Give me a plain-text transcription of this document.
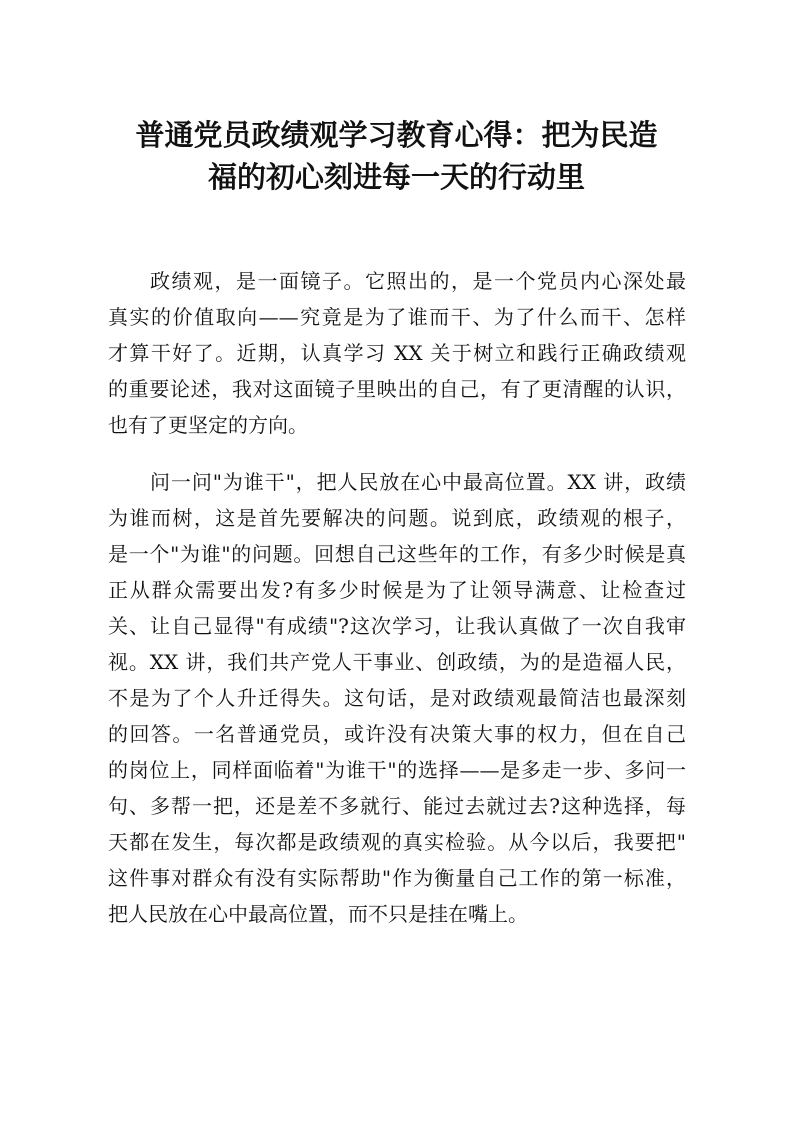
普通党员政绩观学习教育心得：把为民造
福的初心刻进每一天的行动里
政绩观，是一面镜子。它照出的，是一个党员内心深处最
真实的价值取向——究竟是为了谁而干、为了什么而干、怎样
才算干好了。近期，认真学习 XX 关于树立和践行正确政绩观
的重要论述，我对这面镜子里映出的自己，有了更清醒的认识，
也有了更坚定的方向。
问一问"为谁干"，把人民放在心中最高位置。XX 讲，政绩
为谁而树，这是首先要解决的问题。说到底，政绩观的根子，
是一个"为谁"的问题。回想自己这些年的工作，有多少时候是真
正从群众需要出发?有多少时候是为了让领导满意、让检查过
关、让自己显得"有成绩"?这次学习，让我认真做了一次自我审
视。XX 讲，我们共产党人干事业、创政绩，为的是造福人民，
不是为了个人升迁得失。这句话，是对政绩观最简洁也最深刻
的回答。一名普通党员，或许没有决策大事的权力，但在自己
的岗位上，同样面临着"为谁干"的选择——是多走一步、多问一
句、多帮一把，还是差不多就行、能过去就过去?这种选择，每
天都在发生，每次都是政绩观的真实检验。从今以后，我要把"
这件事对群众有没有实际帮助"作为衡量自己工作的第一标准，
把人民放在心中最高位置，而不只是挂在嘴上。
